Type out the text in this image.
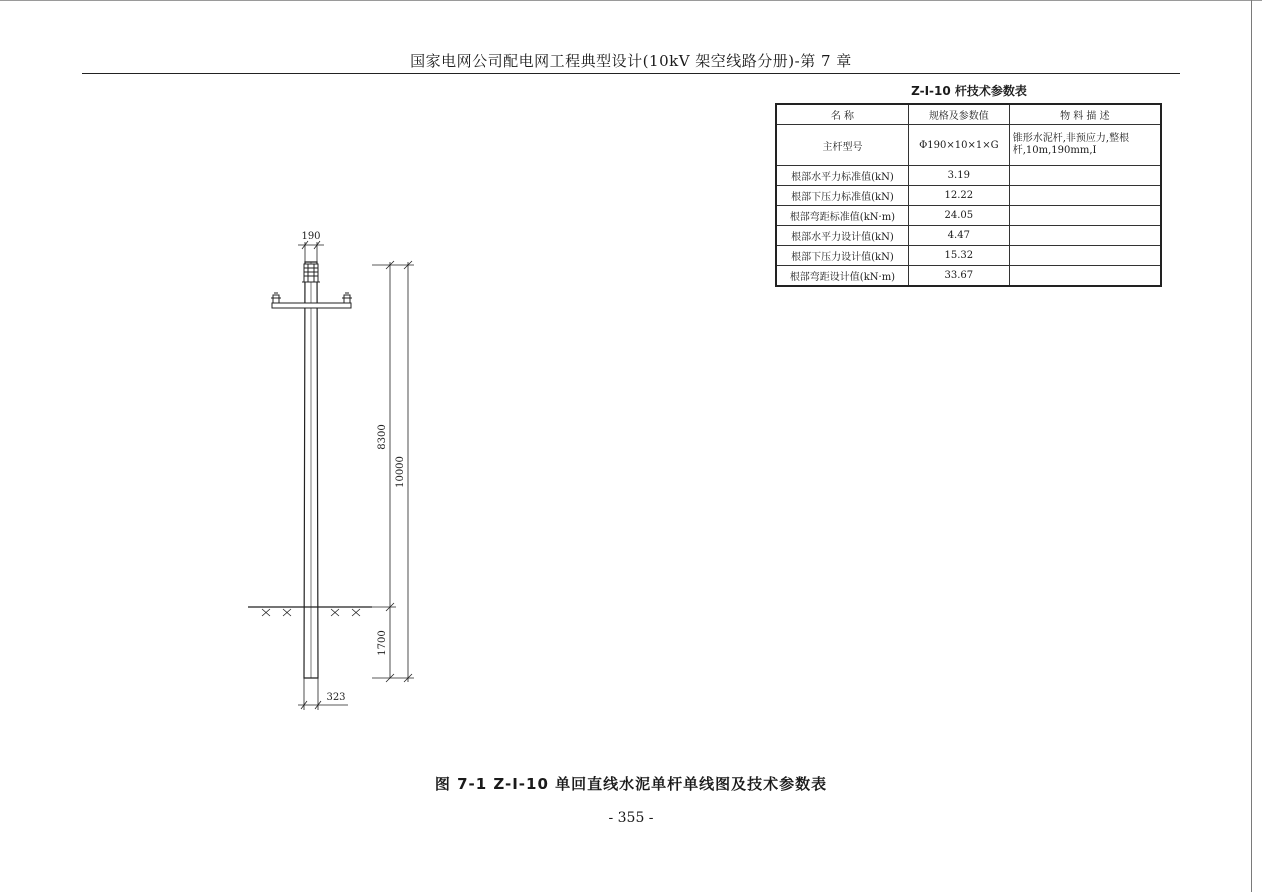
国家电网公司配电网工程典型设计(10kV 架空线路分册)-第 7 章
Z-I-10 杆技术参数表
名 称	规格及参数值	物 料 描 述
主杆型号	Φ190×10×1×G	锥形水泥杆,非预应力,整根杆,10m,190mm,I
根部水平力标准值(kN)	3.19	
根部下压力标准值(kN)	12.22	
根部弯距标准值(kN·m)	24.05	
根部水平力设计值(kN)	4.47	
根部下压力设计值(kN)	15.32	
根部弯距设计值(kN·m)	33.67	
190
323
8300
10000
1700
图 7-1 Z-I-10 单回直线水泥单杆单线图及技术参数表
- 355 -
